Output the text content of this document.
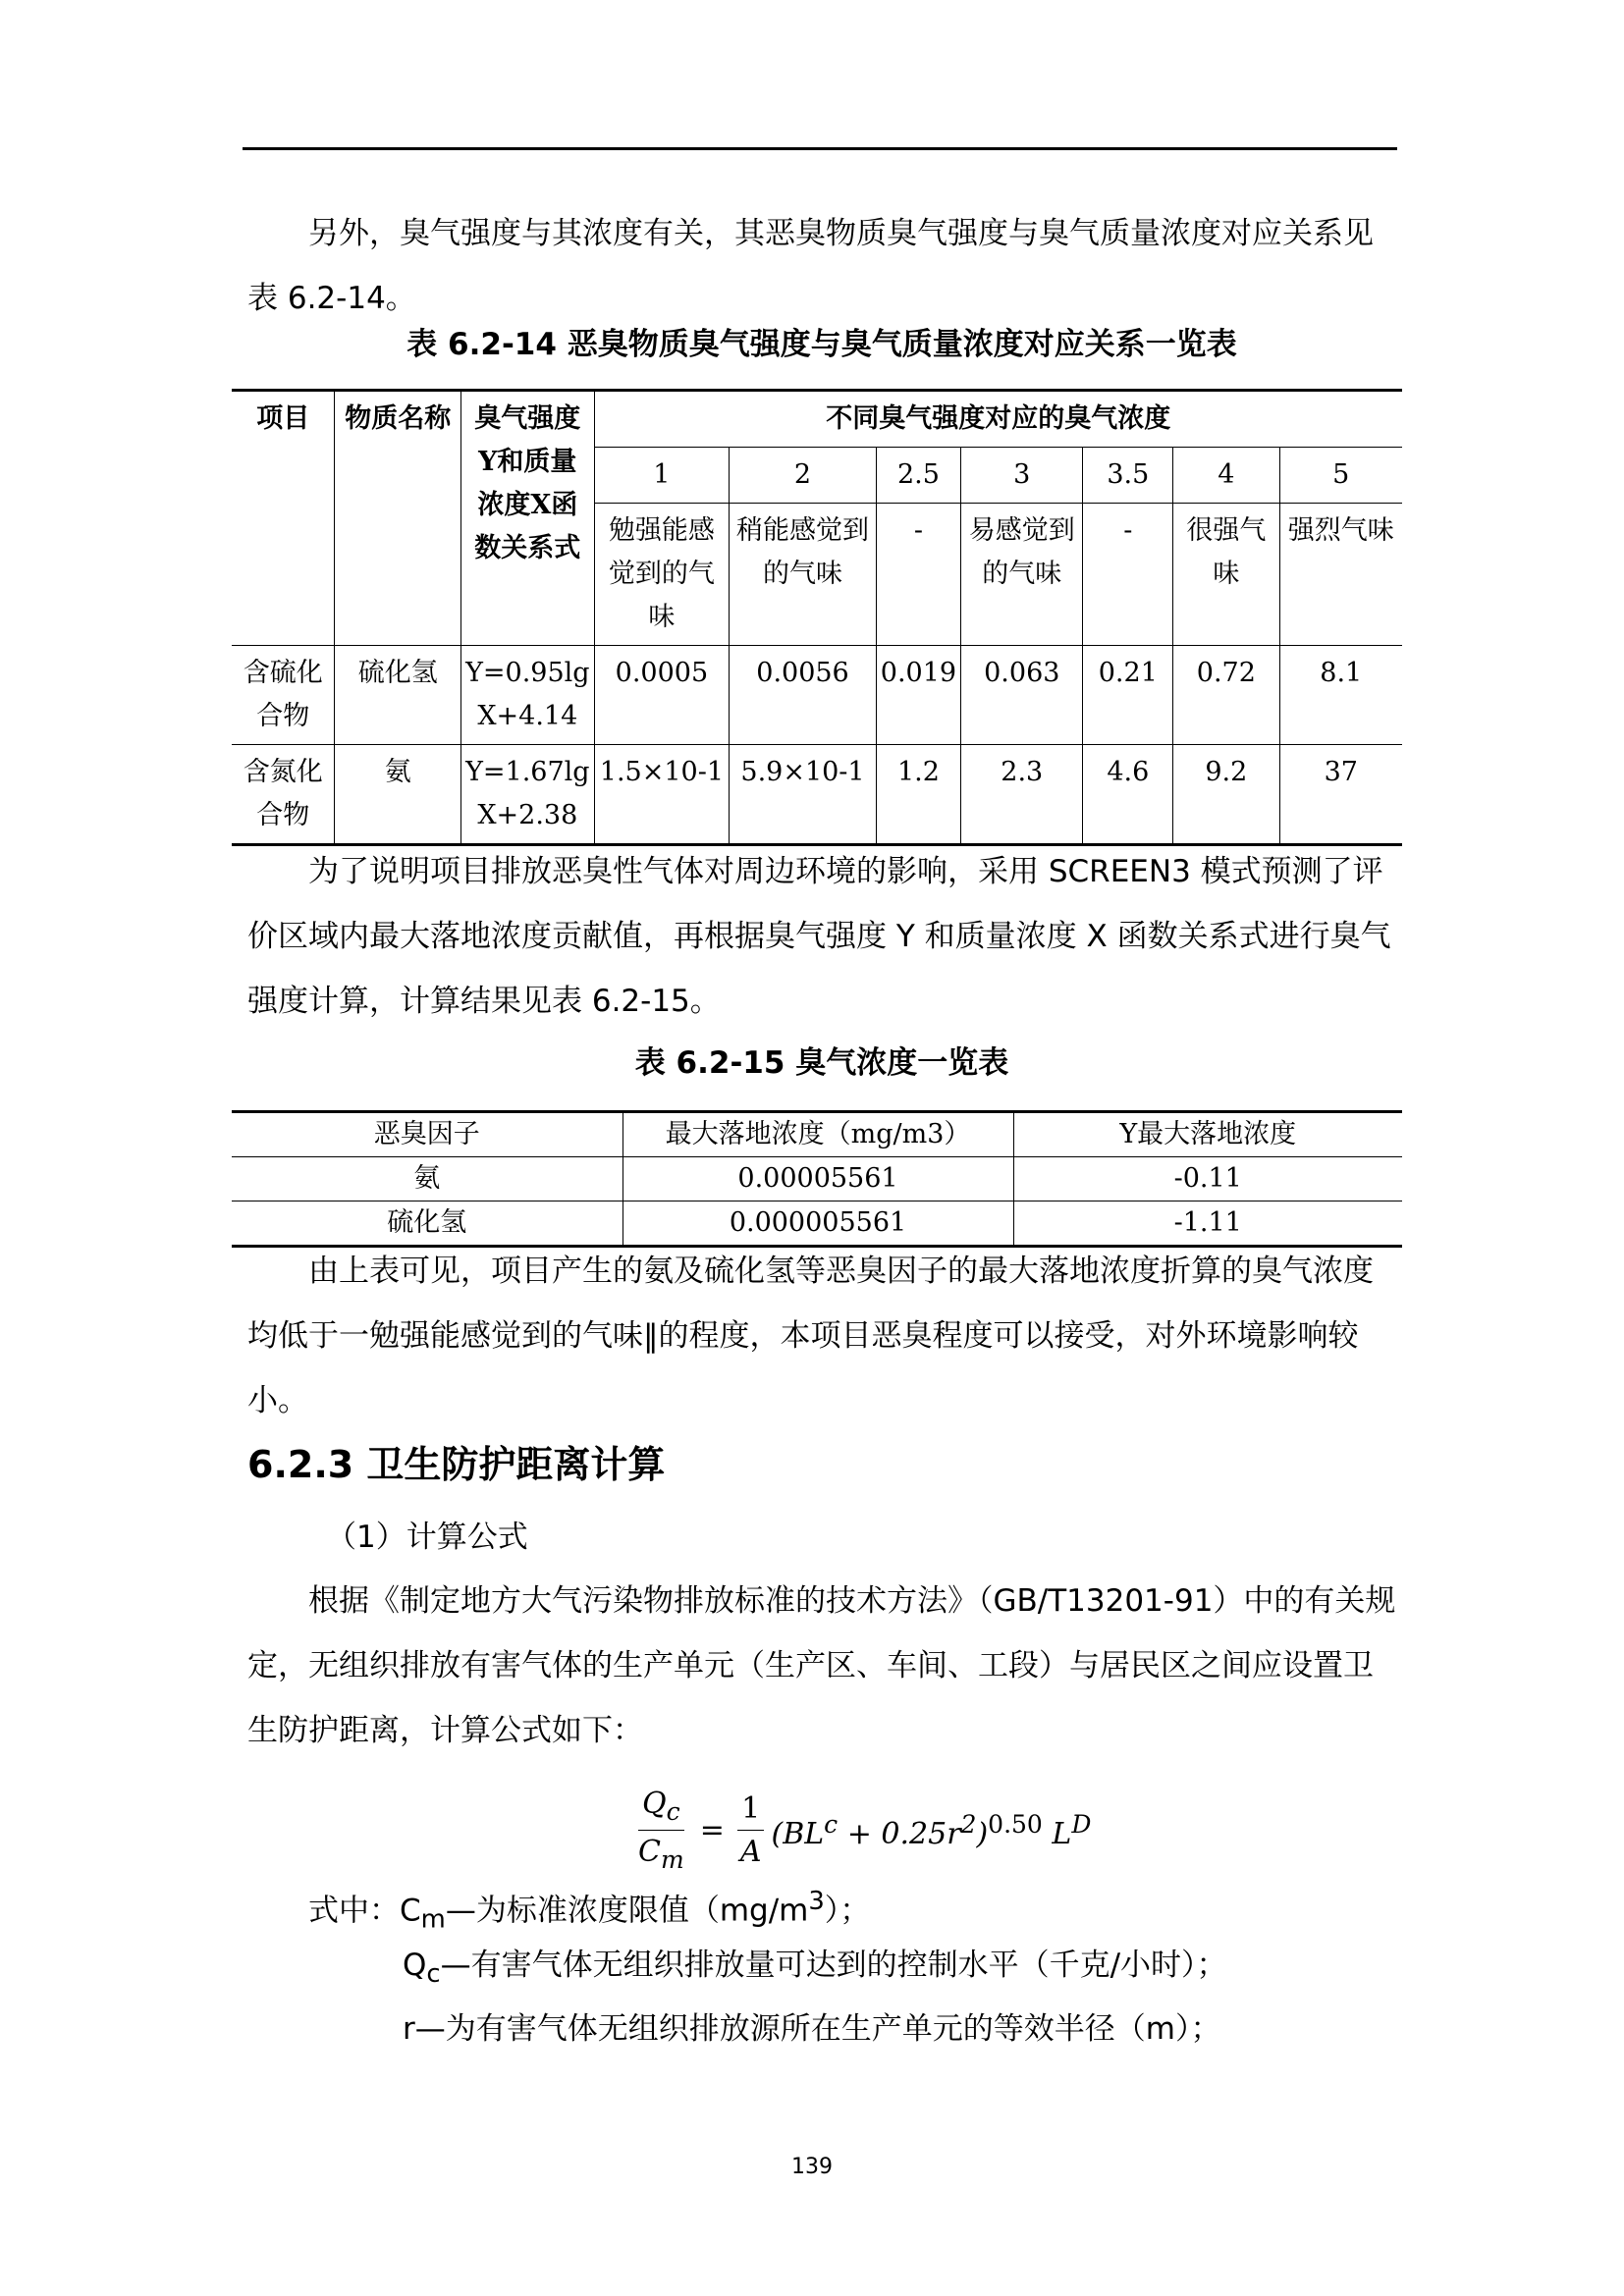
另外，臭气强度与其浓度有关，其恶臭物质臭气强度与臭气质量浓度对应关系见表 6.2-14。

表 6.2-14 恶臭物质臭气强度与臭气质量浓度对应关系一览表

项目	物质名称	臭气强度Y和质量浓度X函数关系式	不同臭气强度对应的臭气浓度						
			1	2	2.5	3	3.5	4	5
			勉强能感觉到的气味	稍能感觉到的气味	-	易感觉到的气味	-	很强气味	强烈气味
含硫化合物	硫化氢	Y=0.95lg X+4.14	0.0005	0.0056	0.019	0.063	0.21	0.72	8.1
含氮化合物	氨	Y=1.67lg X+2.38	1.5×10-1	5.9×10-1	1.2	2.3	4.6	9.2	37

为了说明项目排放恶臭性气体对周边环境的影响，采用 SCREEN3 模式预测了评价区域内最大落地浓度贡献值，再根据臭气强度 Y 和质量浓度 X 函数关系式进行臭气强度计算，计算结果见表 6.2-15。

表 6.2-15 臭气浓度一览表

恶臭因子	最大落地浓度（mg/m3）	Y最大落地浓度
氨	0.00005561	-0.11
硫化氢	0.000005561	-1.11

由上表可见，项目产生的氨及硫化氢等恶臭因子的最大落地浓度折算的臭气浓度均低于一勉强能感觉到的气味‖的程度，本项目恶臭程度可以接受，对外环境影响较小。

6.2.3 卫生防护距离计算

（1）计算公式

根据《制定地方大气污染物排放标准的技术方法》（GB/T13201-91）中的有关规定，无组织排放有害气体的生产单元（生产区、车间、工段）与居民区之间应设置卫生防护距离，计算公式如下：

$\frac{Q_c}{C_m} = \frac{1}{A} (BL^c + 0.25r^2)^{0.50}$ $L^D$

式中：$C_m—$为标准浓度限值$(mg/m^3)$；

$Q_c—$有害气体无组织排放量可达到的控制水平（千克/小时）；

r—为有害气体无组织排放源所在生产单元的等效半径（m）；

139
